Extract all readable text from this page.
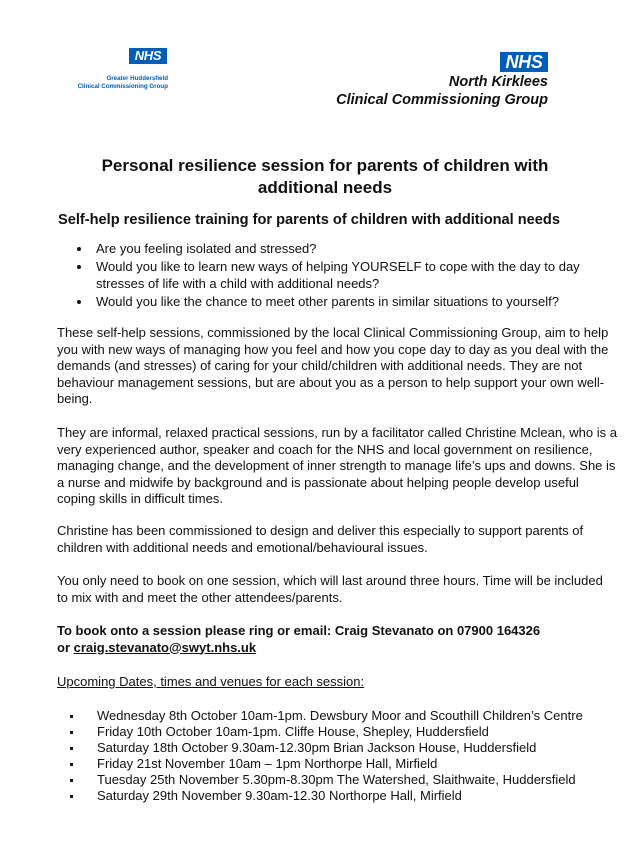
NHS
Greater Huddersfield
Clinical Commissioning Group
NHS
North Kirklees
Clinical Commissioning Group
Personal resilience session for parents of children with additional needs
Self-help resilience training for parents of children with additional needs
Are you feeling isolated and stressed?
Would you like to learn new ways of helping YOURSELF to cope with the day to day stresses of life with a child with additional needs?
Would you like the chance to meet other parents in similar situations to yourself?

These self-help sessions, commissioned by the local Clinical Commissioning Group, aim to help you with new ways of managing how you feel and how you cope day to day as you deal with the demands (and stresses) of caring for your child/children with additional needs. They are not behaviour management sessions, but are about you as a person to help support your own well-being.

They are informal, relaxed practical sessions, run by a facilitator called Christine Mclean, who is a very experienced author, speaker and coach for the NHS and local government on resilience, managing change, and the development of inner strength to manage life’s ups and downs. She is a nurse and midwife by background and is passionate about helping people develop useful coping skills in difficult times.

Christine has been commissioned to design and deliver this especially to support parents of children with additional needs and emotional/behavioural issues.

You only need to book on one session, which will last around three hours. Time will be included to mix with and meet the other attendees/parents.

To book onto a session please ring or email: Craig Stevanato on 07900 164326
or craig.stevanato@swyt.nhs.uk
Upcoming Dates, times and venues for each session:
Wednesday 8th October 10am-1pm. Dewsbury Moor and Scouthill Children’s Centre
Friday 10th October 10am-1pm. Cliffe House, Shepley, Huddersfield
Saturday 18th October 9.30am-12.30pm Brian Jackson House, Huddersfield
Friday 21st November 10am – 1pm Northorpe Hall, Mirfield
Tuesday 25th November 5.30pm-8.30pm The Watershed, Slaithwaite, Huddersfield
Saturday 29th November 9.30am-12.30 Northorpe Hall, Mirfield
